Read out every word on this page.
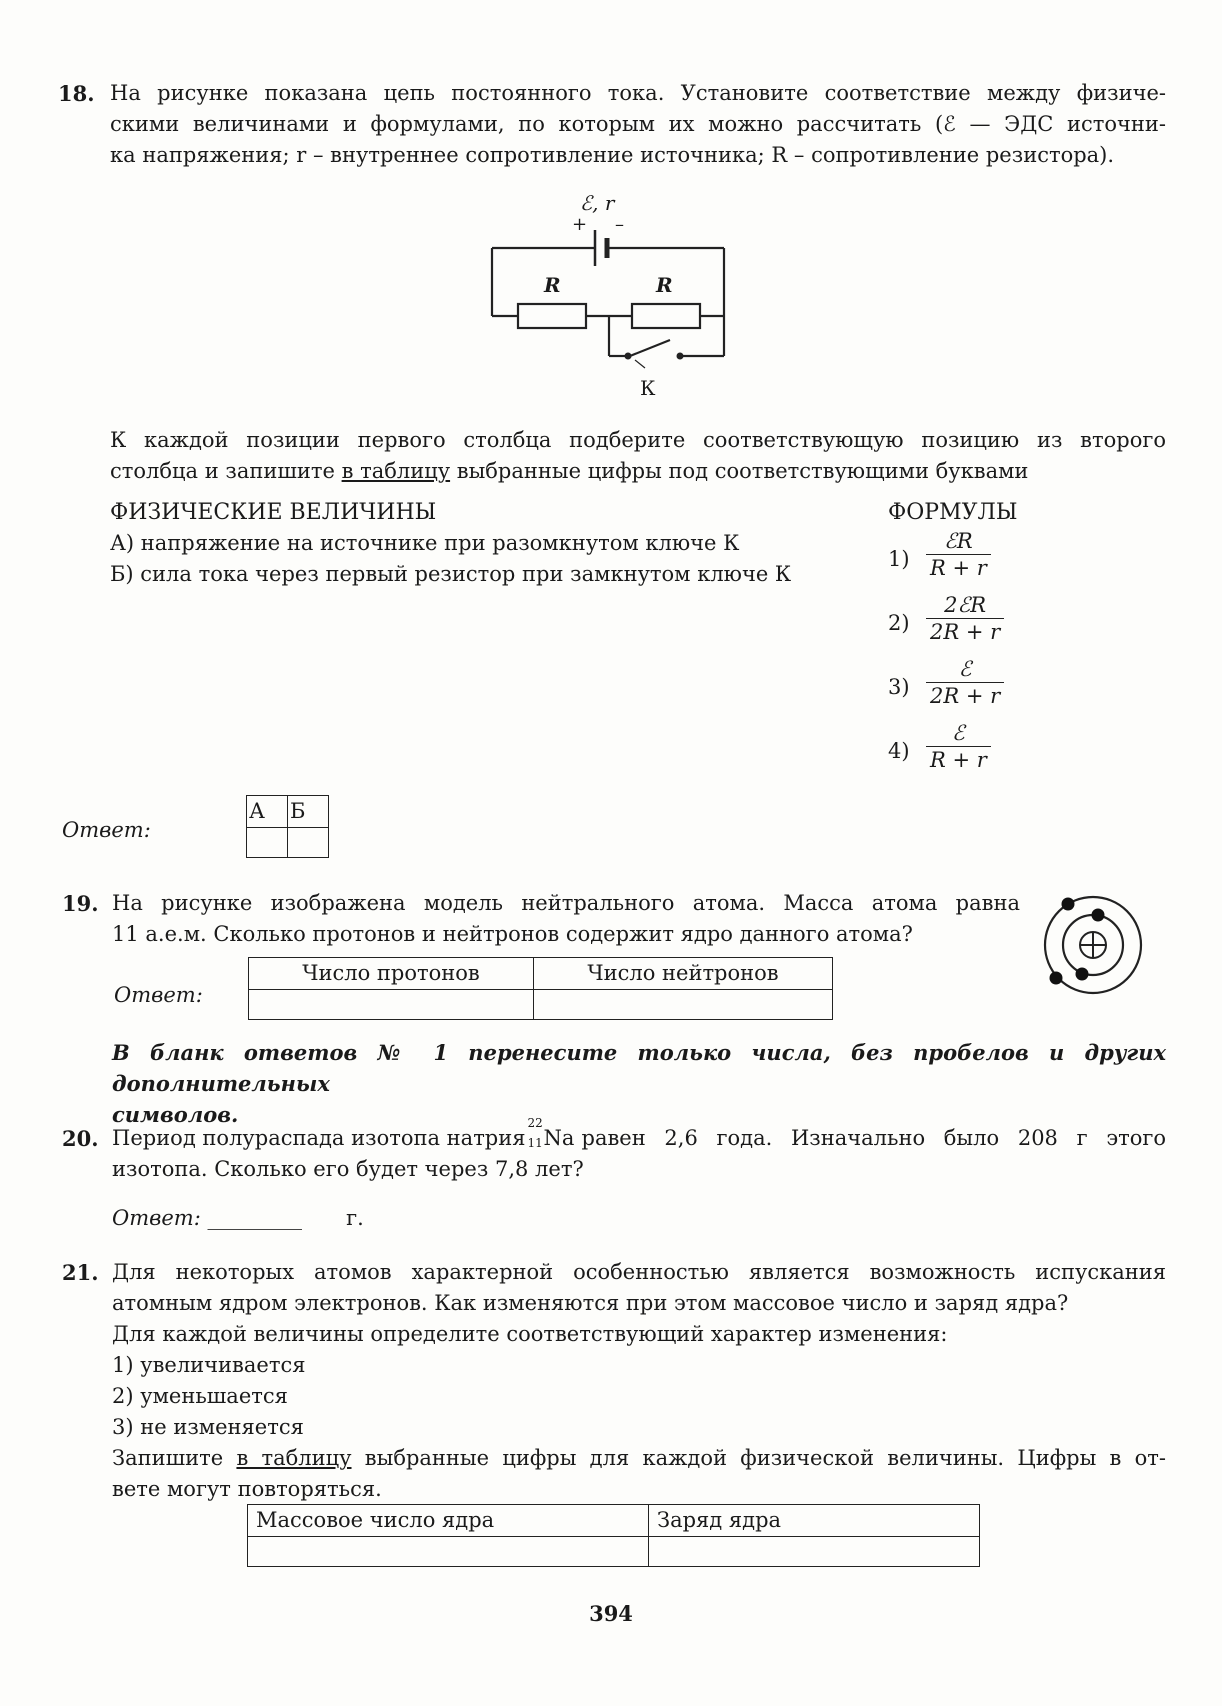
18. На рисунке показана цепь постоянного тока. Установите соответствие между физиче-
скими величинами и формулами, по которым их можно рассчитать (ℰ — ЭДС источни-
ка напряжения; r – внутреннее сопротивление источника; R – сопротивление резистора).
ℰ, r
+ –
R	R
К
К каждой позиции первого столбца подберите соответствующую позицию из второго
столбца и запишите в таблицу выбранные цифры под соответствующими буквами
ФИЗИЧЕСКИЕ ВЕЛИЧИНЫ	ФОРМУЛЫ
А) напряжение на источнике при разомкнутом ключе К
Б) сила тока через первый резистор при замкнутом ключе К
1)
ℰR
R + r
2)
2ℰR
2R + r
3)
ℰ
2R + r
4)
ℰ
R + r
Ответ:
А	Б

19. На рисунке изображена модель нейтрального атома. Масса атома равна
11 а.е.м. Сколько протонов и нейтронов содержит ядро данного атома?
⊕
Ответ:
Число протонов	Число нейтронов

В бланк ответов № 1 перенесите только числа, без пробелов и других дополнительных
символов.
20. Период полураспада изотопа натрия
22
11 Na равен 2,6 года. Изначально было 208 г этого
изотопа. Сколько его будет через 7,8 лет?
Ответ: _________ г.
21. Для некоторых атомов характерной особенностью является возможность испускания
атомным ядром электронов. Как изменяются при этом массовое число и заряд ядра?
Для каждой величины определите соответствующий характер изменения:
1) увеличивается
2) уменьшается
3) не изменяется
Запишите в таблицу выбранные цифры для каждой физической величины. Цифры в от-
вете могут повторяться.
Массовое число ядра	Заряд ядра

394
